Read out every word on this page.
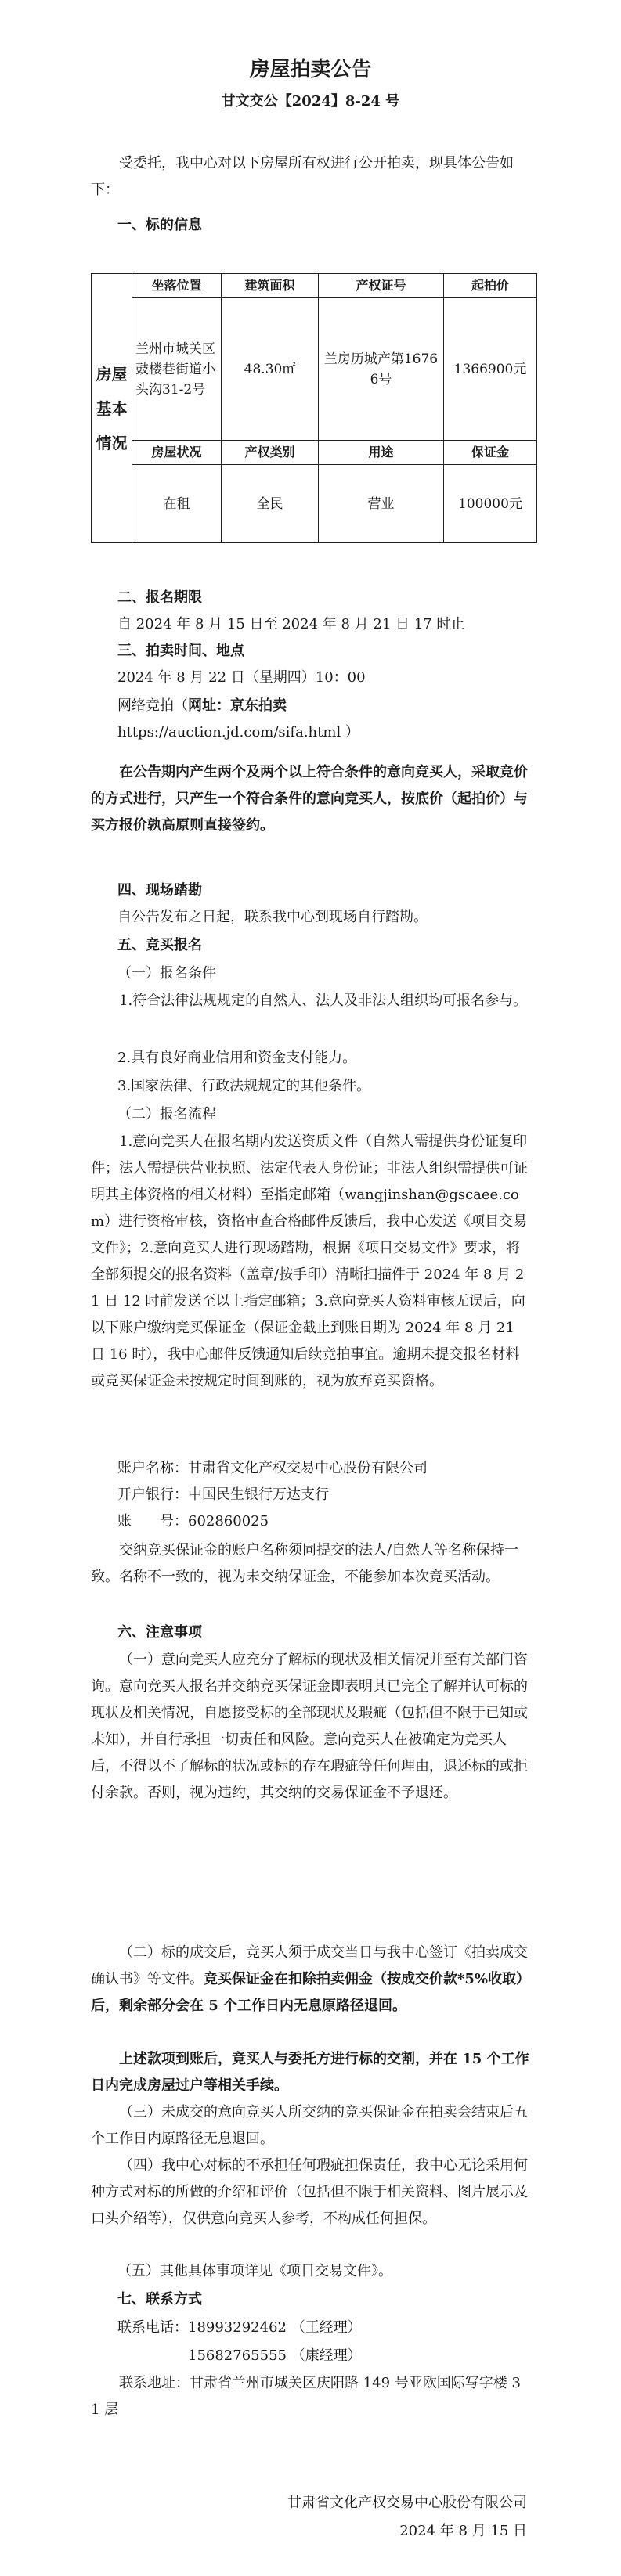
房屋拍卖公告
甘文交公【2024】8-24 号
受委托，我中心对以下房屋所有权进行公开拍卖，现具体公告如下：
一、标的信息
房屋基本情况	坐落位置	建筑面积	产权证号	起拍价
	兰州市城关区鼓楼巷街道小头沟31-2号	48.30㎡	兰房历城产第16766号	1366900元
	房屋状况	产权类别	用途	保证金
	在租	全民	营业	100000元
二、报名期限
自 2024 年 8 月 15 日至 2024 年 8 月 21 日 17 时止
三、拍卖时间、地点
2024 年 8 月 22 日（星期四）10：00
网络竞拍（网址：京东拍卖
https://auction.jd.com/sifa.html ）
在公告期内产生两个及两个以上符合条件的意向竞买人，采取竞价的方式进行，只产生一个符合条件的意向竞买人，按底价（起拍价）与买方报价孰高原则直接签约。
四、现场踏勘
自公告发布之日起，联系我中心到现场自行踏勘。
五、竞买报名
（一）报名条件
1.符合法律法规规定的自然人、法人及非法人组织均可报名参与。
2.具有良好商业信用和资金支付能力。
3.国家法律、行政法规规定的其他条件。
（二）报名流程
1.意向竞买人在报名期内发送资质文件（自然人需提供身份证复印件；法人需提供营业执照、法定代表人身份证；非法人组织需提供可证明其主体资格的相关材料）至指定邮箱（wangjinshan@gscaee.com）进行资格审核，资格审查合格邮件反馈后，我中心发送《项目交易文件》；2.意向竞买人进行现场踏勘，根据《项目交易文件》要求，将全部须提交的报名资料（盖章/按手印）清晰扫描件于 2024 年 8 月 21 日 12 时前发送至以上指定邮箱；3.意向竞买人资料审核无误后，向以下账户缴纳竞买保证金（保证金截止到账日期为 2024 年 8 月 21 日 16 时），我中心邮件反馈通知后续竞拍事宜。逾期未提交报名材料或竞买保证金未按规定时间到账的，视为放弃竞买资格。
账户名称：甘肃省文化产权交易中心股份有限公司
开户银行：中国民生银行万达支行
账　　号：602860025
交纳竞买保证金的账户名称须同提交的法人/自然人等名称保持一致。名称不一致的，视为未交纳保证金，不能参加本次竞买活动。
六、注意事项
（一）意向竞买人应充分了解标的现状及相关情况并至有关部门咨询。意向竞买人报名并交纳竞买保证金即表明其已完全了解并认可标的现状及相关情况，自愿接受标的全部现状及瑕疵（包括但不限于已知或未知），并自行承担一切责任和风险。意向竞买人在被确定为竞买人后，不得以不了解标的状况或标的存在瑕疵等任何理由，退还标的或拒付余款。否则，视为违约，其交纳的交易保证金不予退还。
（二）标的成交后，竞买人须于成交当日与我中心签订《拍卖成交确认书》等文件。竞买保证金在扣除拍卖佣金（按成交价款*5%收取）后，剩余部分会在 5 个工作日内无息原路径退回。
上述款项到账后，竞买人与委托方进行标的交割，并在 15 个工作日内完成房屋过户等相关手续。
（三）未成交的意向竞买人所交纳的竞买保证金在拍卖会结束后五个工作日内原路径无息退回。
（四）我中心对标的不承担任何瑕疵担保责任，我中心无论采用何种方式对标的所做的介绍和评价（包括但不限于相关资料、图片展示及口头介绍等），仅供意向竞买人参考，不构成任何担保。
（五）其他具体事项详见《项目交易文件》。
七、联系方式
联系电话： 18993292462 （王经理）
15682765555 （康经理）
联系地址：甘肃省兰州市城关区庆阳路 149 号亚欧国际写字楼 31 层
甘肃省文化产权交易中心股份有限公司
2024 年 8 月 15 日
